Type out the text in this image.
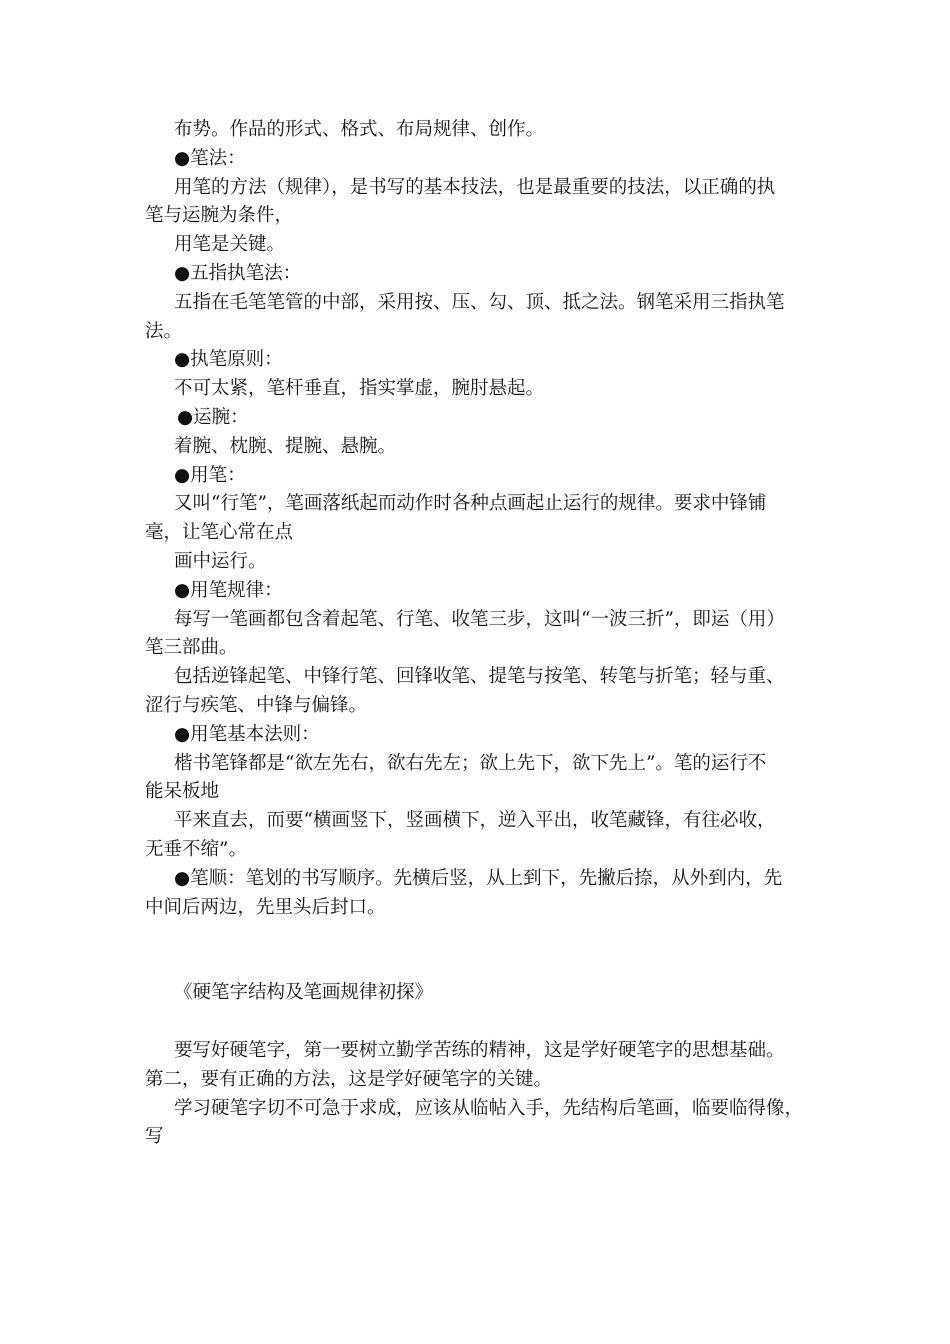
布势。作品的形式、格式、布局规律、创作。
●笔法：
用笔的方法（规律），是书写的基本技法，也是最重要的技法，以正确的执
笔与运腕为条件，
用笔是关键。
●五指执笔法：
五指在毛笔笔管的中部，采用按、压、勾、顶、抵之法。钢笔采用三指执笔
法。
●执笔原则：
不可太紧，笔杆垂直，指实掌虚，腕肘悬起。
●运腕：
着腕、枕腕、提腕、悬腕。
●用笔：
又叫“行笔”，笔画落纸起而动作时各种点画起止运行的规律。要求中锋铺
毫，让笔心常在点
画中运行。
●用笔规律：
每写一笔画都包含着起笔、行笔、收笔三步，这叫“一波三折”，即运（用）
笔三部曲。
包括逆锋起笔、中锋行笔、回锋收笔、提笔与按笔、转笔与折笔；轻与重、
涩行与疾笔、中锋与偏锋。
●用笔基本法则：
楷书笔锋都是“欲左先右，欲右先左；欲上先下，欲下先上”。笔的运行不
能呆板地
平来直去，而要“横画竖下，竖画横下，逆入平出，收笔藏锋，有往必收，
无垂不缩”。
●笔顺：笔划的书写顺序。先横后竖，从上到下，先撇后捺，从外到内，先
中间后两边，先里头后封口。
《硬笔字结构及笔画规律初探》
要写好硬笔字，第一要树立勤学苦练的精神，这是学好硬笔字的思想基础。
第二，要有正确的方法，这是学好硬笔字的关键。
学习硬笔字切不可急于求成，应该从临帖入手，先结构后笔画，临要临得像，
写
